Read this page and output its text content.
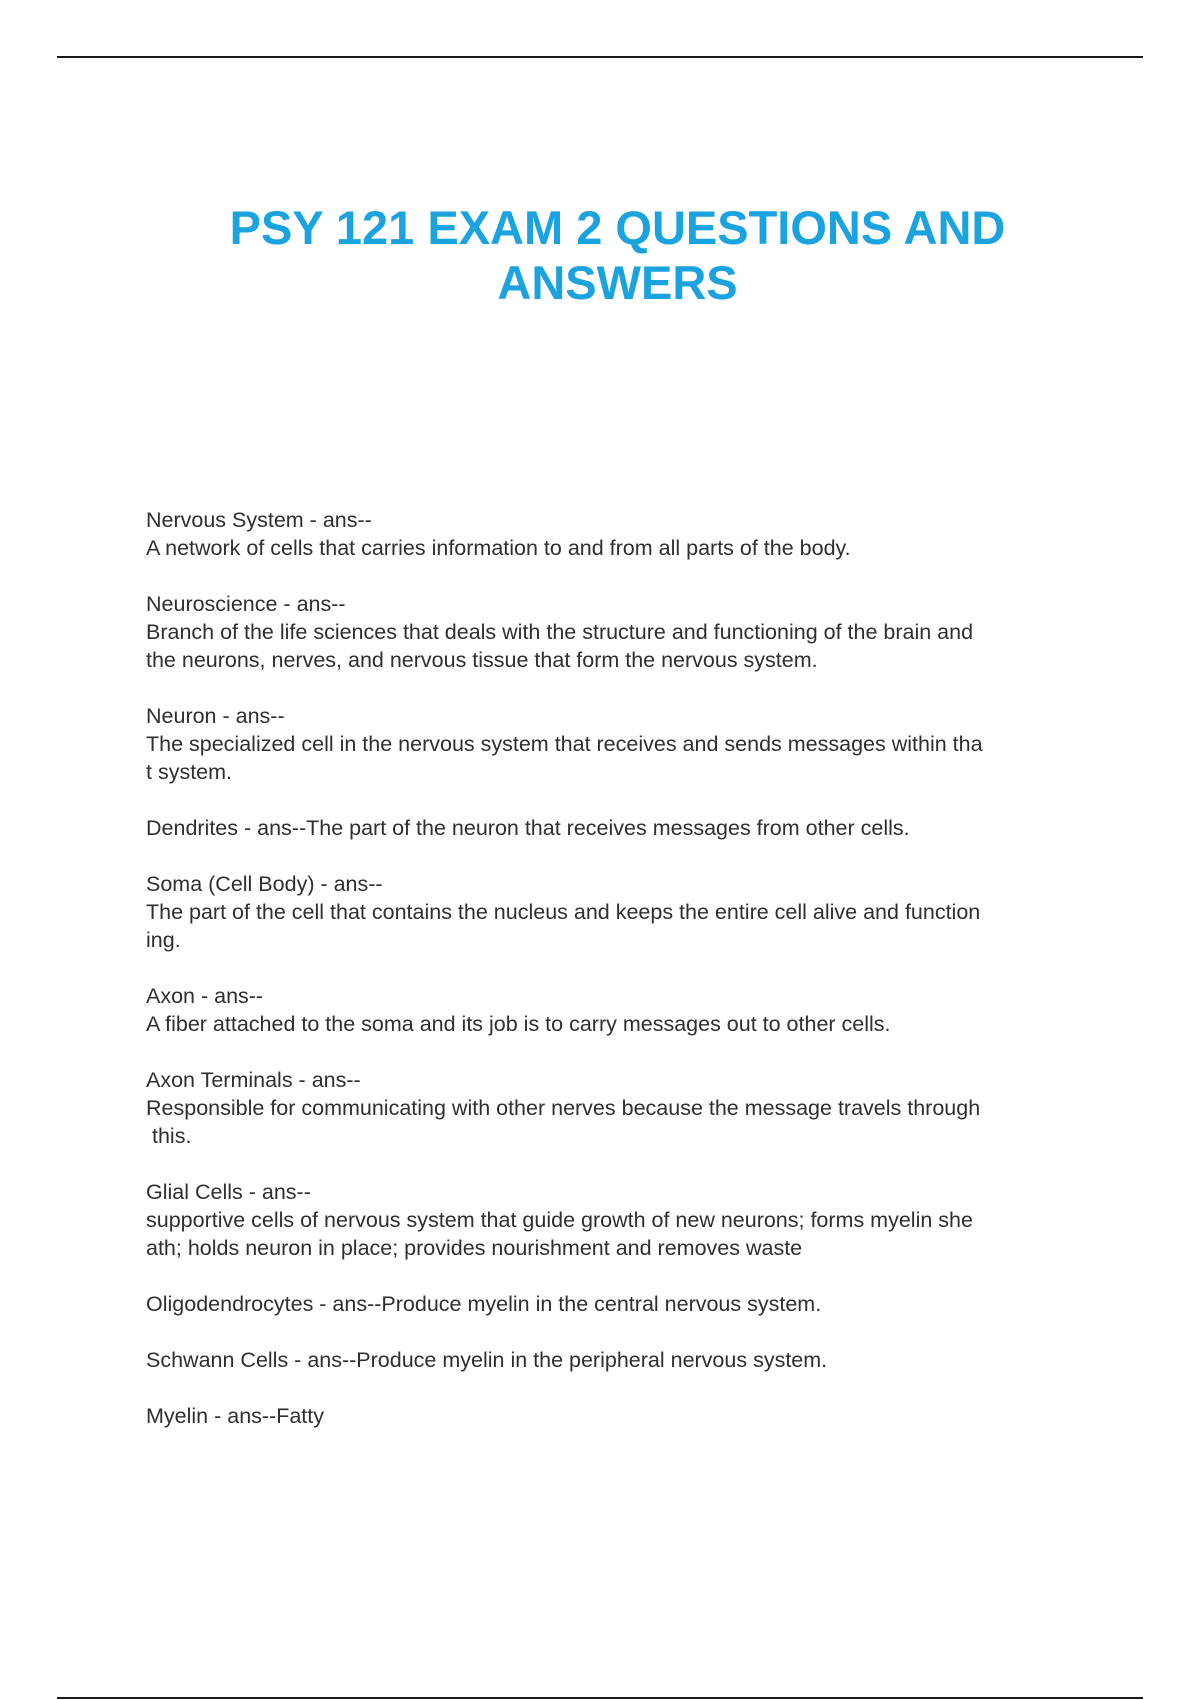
PSY 121 EXAM 2 QUESTIONS AND ANSWERS

Nervous System - ans--
A network of cells that carries information to and from all parts of the body.

Neuroscience - ans--
Branch of the life sciences that deals with the structure and functioning of the brain and
the neurons, nerves, and nervous tissue that form the nervous system.

Neuron - ans--
The specialized cell in the nervous system that receives and sends messages within tha
t system.

Dendrites - ans--The part of the neuron that receives messages from other cells.

Soma (Cell Body) - ans--
The part of the cell that contains the nucleus and keeps the entire cell alive and function
ing.

Axon - ans--
A fiber attached to the soma and its job is to carry messages out to other cells.

Axon Terminals - ans--
Responsible for communicating with other nerves because the message travels through
this.

Glial Cells - ans--
supportive cells of nervous system that guide growth of new neurons; forms myelin she
ath; holds neuron in place; provides nourishment and removes waste

Oligodendrocytes - ans--Produce myelin in the central nervous system.

Schwann Cells - ans--Produce myelin in the peripheral nervous system.

Myelin - ans--Fatty
